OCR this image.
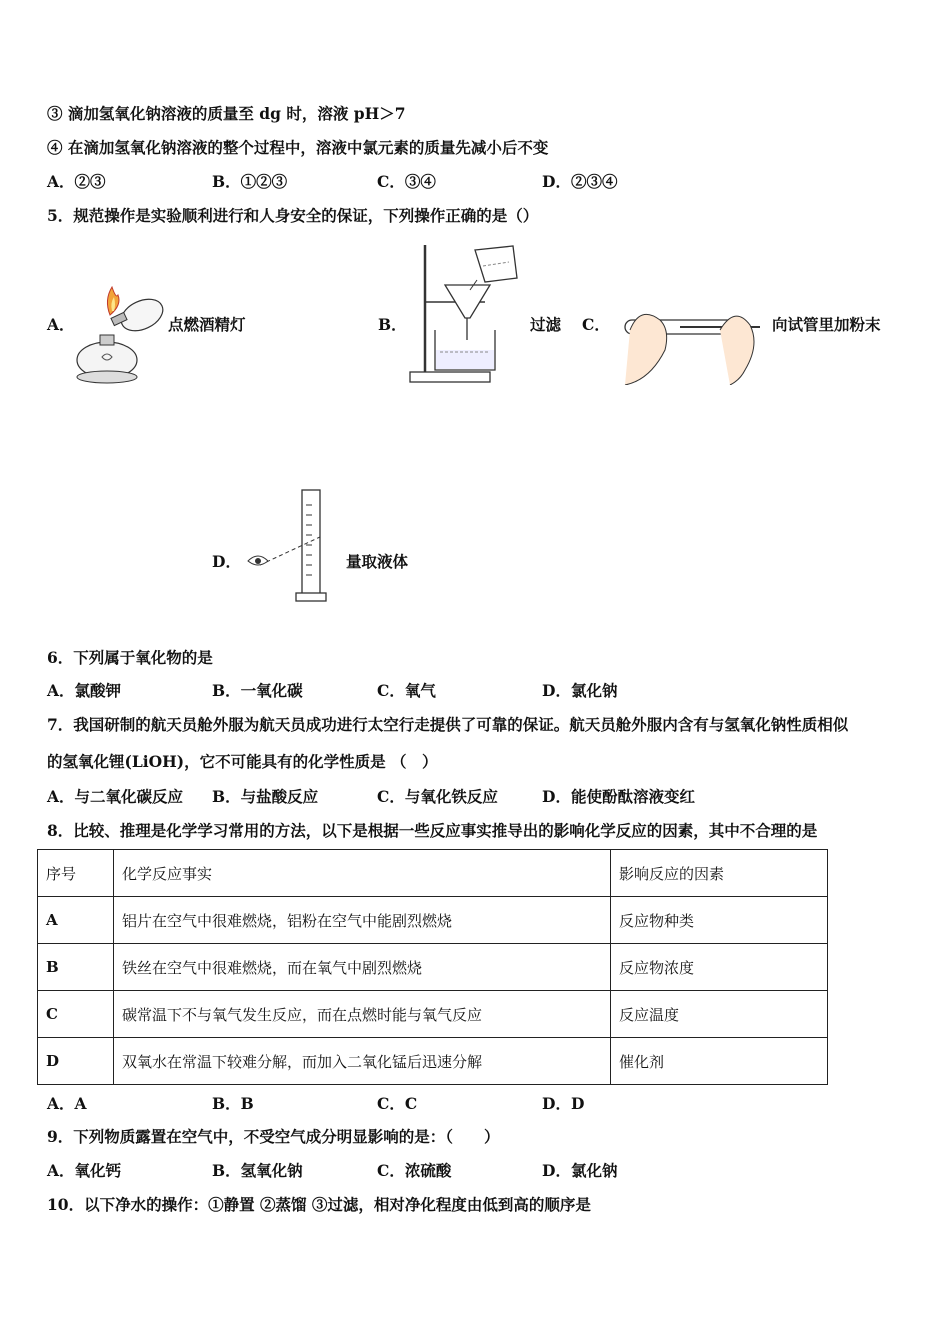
③ 滴加氢氧化钠溶液的质量至 dg 时，溶液 pH＞7
④ 在滴加氢氧化钠溶液的整个过程中，溶液中氯元素的质量先减小后不变
A．②③	B．①②③	C．③④	D．②③④
5．规范操作是实验顺利进行和人身安全的保证，下列操作正确的是（）
A．	点燃酒精灯	B．	过滤 C．	向试管里加粉末
D．	量取液体
6．下列属于氧化物的是
A．氯酸钾	B．一氧化碳	C．氧气	D．氯化钠
7．我国研制的航天员舱外服为航天员成功进行太空行走提供了可靠的保证。航天员舱外服内含有与氢氧化钠性质相似
的氢氧化锂(LiOH)，它不可能具有的化学性质是 （　）
A．与二氧化碳反应 B．与盐酸反应	C．与氧化铁反应	D．能使酚酞溶液变红
8．比较、推理是化学学习常用的方法，以下是根据一些反应事实推导出的影响化学反应的因素，其中不合理的是
序号	化学反应事实	影响反应的因素
A	铝片在空气中很难燃烧，铝粉在空气中能剧烈燃烧	反应物种类
B	铁丝在空气中很难燃烧，而在氧气中剧烈燃烧	反应物浓度
C	碳常温下不与氧气发生反应，而在点燃时能与氧气反应	反应温度
D	双氧水在常温下较难分解，而加入二氧化锰后迅速分解	催化剂
A．A	B．B	C．C	D．D
9．下列物质露置在空气中，不受空气成分明显影响的是：（　　）
A．氧化钙	B．氢氧化钠	C．浓硫酸	D．氯化钠
10．以下净水的操作：①静置 ②蒸馏 ③过滤，相对净化程度由低到高的顺序是
